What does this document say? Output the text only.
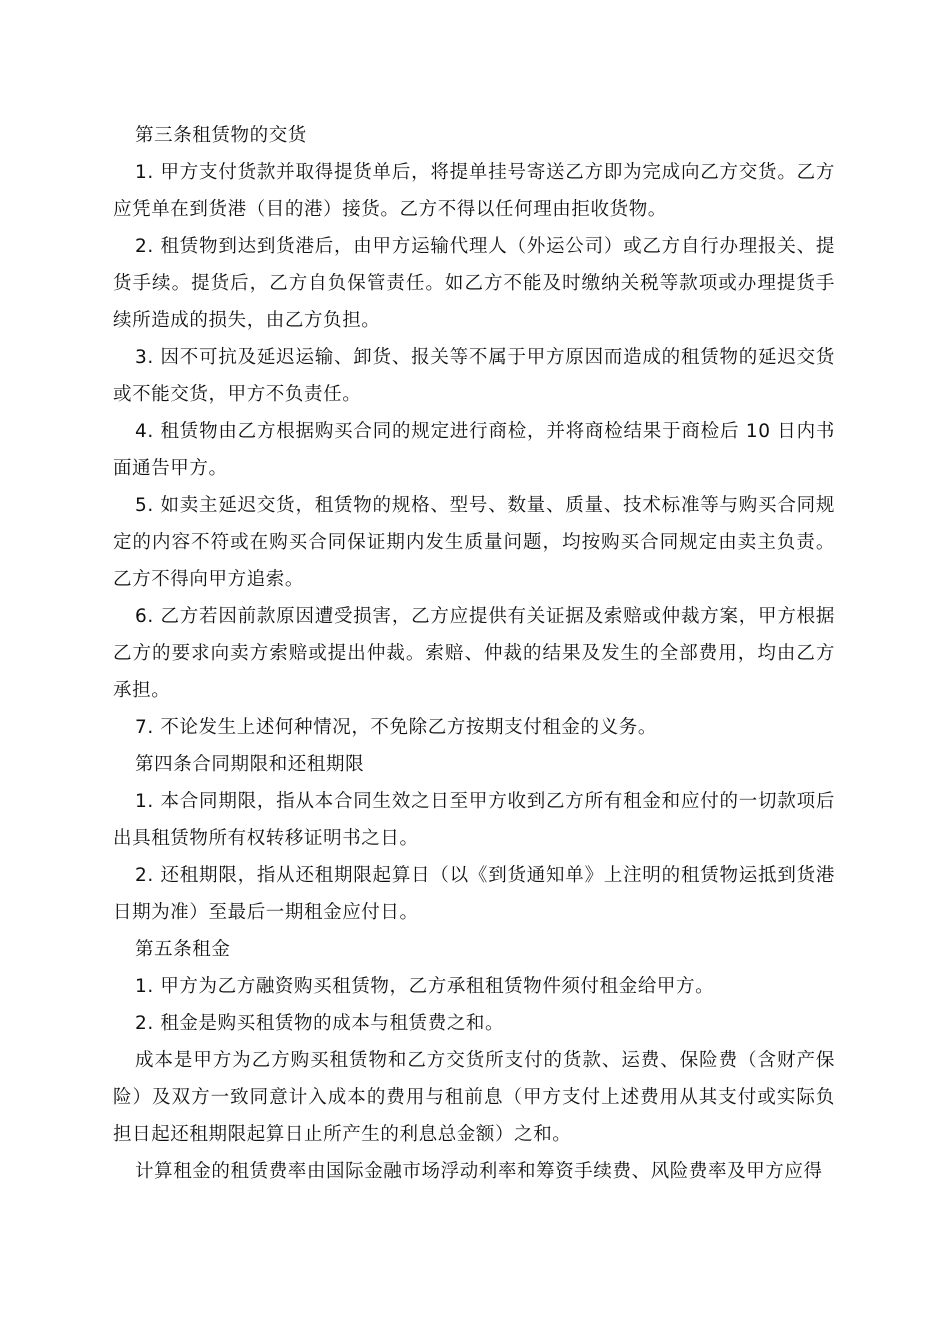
第三条租赁物的交货

1. 甲方支付货款并取得提货单后，将提单挂号寄送乙方即为完成向乙方交货。乙方应凭单在到货港（目的港）接货。乙方不得以任何理由拒收货物。

2. 租赁物到达到货港后，由甲方运输代理人（外运公司）或乙方自行办理报关、提货手续。提货后，乙方自负保管责任。如乙方不能及时缴纳关税等款项或办理提货手续所造成的损失，由乙方负担。

3. 因不可抗及延迟运输、卸货、报关等不属于甲方原因而造成的租赁物的延迟交货或不能交货，甲方不负责任。

4. 租赁物由乙方根据购买合同的规定进行商检，并将商检结果于商检后 10 日内书面通告甲方。

5. 如卖主延迟交货，租赁物的规格、型号、数量、质量、技术标准等与购买合同规定的内容不符或在购买合同保证期内发生质量问题，均按购买合同规定由卖主负责。乙方不得向甲方追索。

6. 乙方若因前款原因遭受损害，乙方应提供有关证据及索赔或仲裁方案，甲方根据乙方的要求向卖方索赔或提出仲裁。索赔、仲裁的结果及发生的全部费用，均由乙方承担。

7. 不论发生上述何种情况，不免除乙方按期支付租金的义务。

第四条合同期限和还租期限

1. 本合同期限，指从本合同生效之日至甲方收到乙方所有租金和应付的一切款项后出具租赁物所有权转移证明书之日。

2. 还租期限，指从还租期限起算日（以《到货通知单》上注明的租赁物运抵到货港日期为准）至最后一期租金应付日。

第五条租金

1. 甲方为乙方融资购买租赁物，乙方承租租赁物件须付租金给甲方。

2. 租金是购买租赁物的成本与租赁费之和。

成本是甲方为乙方购买租赁物和乙方交货所支付的货款、运费、保险费（含财产保险）及双方一致同意计入成本的费用与租前息（甲方支付上述费用从其支付或实际负担日起还租期限起算日止所产生的利息总金额）之和。

计算租金的租赁费率由国际金融市场浮动利率和筹资手续费、风险费率及甲方应得
